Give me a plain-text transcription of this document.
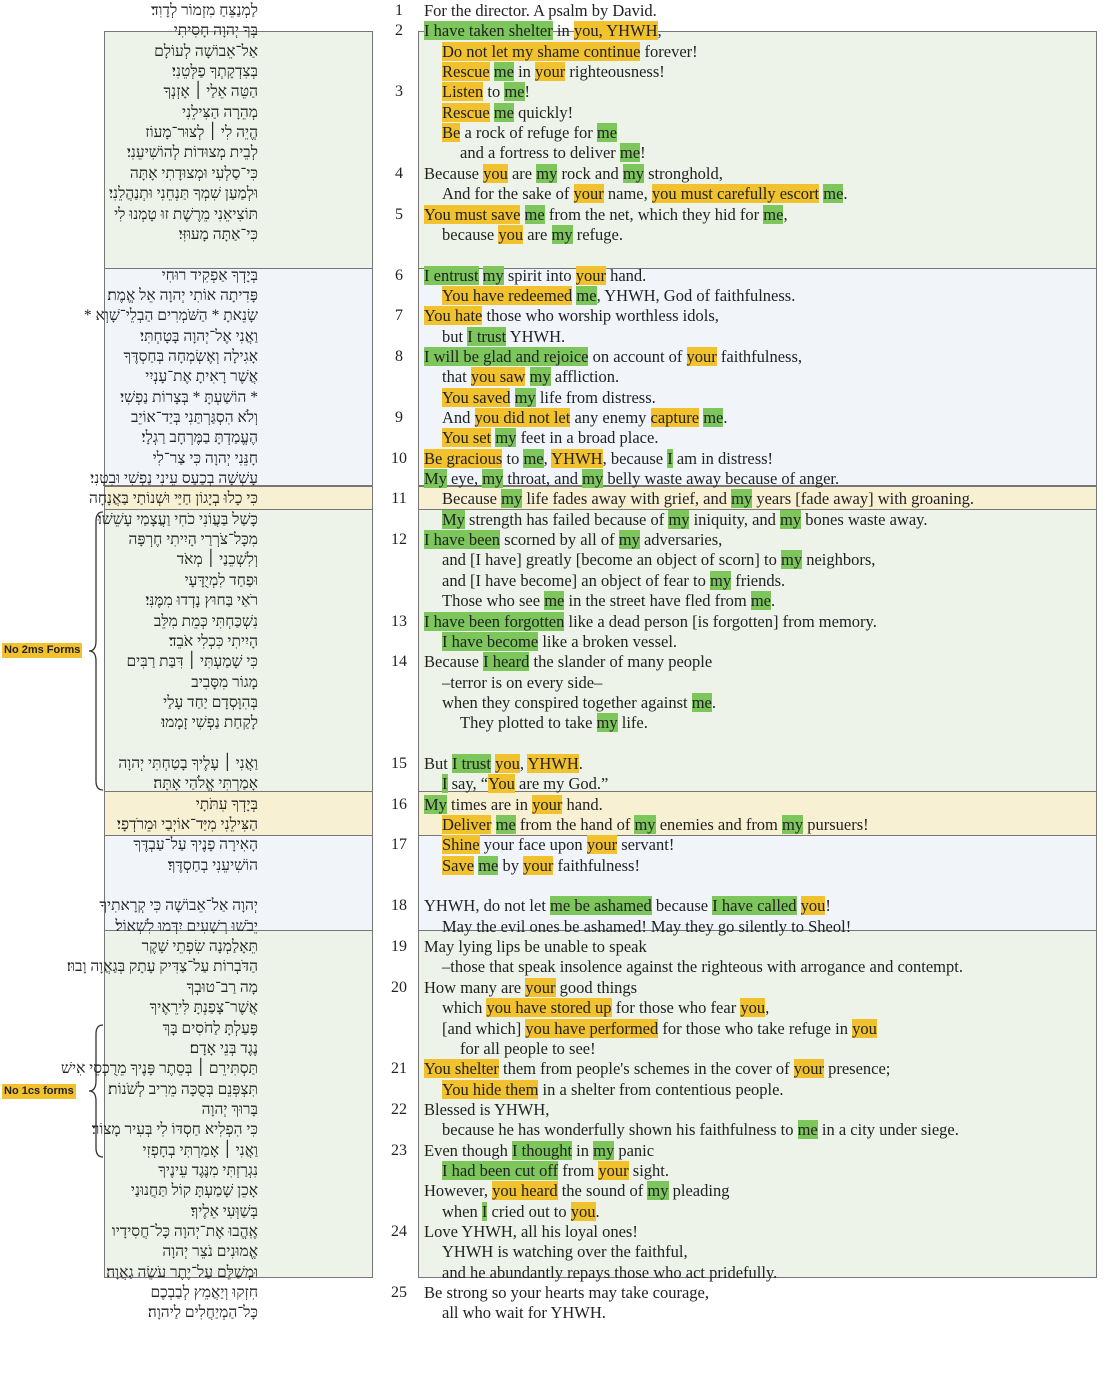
No 2ms Forms
No 1cs forms
לַמְנַצֵּחַ מִזְמוֹר לְדָוִד׃	1	For the director. A psalm by David.
בְּךָ יְהוָה חָסִיתִי	2	I have taken shelter in you, YHWH,
אַל־אֵבוֹשָׁה לְעוֹלָם	Do not let my shame continue forever!
בְּצִדְקָתְךָ פַלְּטֵנִי׃	Rescue me in your righteousness!
הַטֵּה אֵלַי ׀ אָזְנְךָ	3	Listen to me!
מְהֵרָה הַצִּילֵנִי	Rescue me quickly!
הֱיֵה לִי ׀ לְצוּר־מָעוֹז	Be a rock of refuge for me
לְבֵית מְצוּדוֹת לְהוֹשִׁיעֵנִי׃	and a fortress to deliver me!
כִּי־סַלְעִי וּמְצוּדָתִי אָתָּה	4	Because you are my rock and my stronghold,
וּלְמַעַן שִׁמְךָ תַּנְחֵנִי וּתְנַהֲלֵנִי׃	And for the sake of your name, you must carefully escort me.
תּוֹצִיאֵנִי מֵרֶשֶׁת זוּ טָמְנוּ לִי	5	You must save me from the net, which they hid for me,
כִּי־אַתָּה מָעוּזִּי׃	because you are my refuge.
בְּיָדְךָ אַפְקִיד רוּחִי	6	I entrust my spirit into your hand.
פָּדִיתָה אוֹתִי יְהוָה אֵל אֱמֶת׃	You have redeemed me, YHWH, God of faithfulness.
שָׂנֵאתָ * הַשֹּׁמְרִים הַבְלֵי־שָׁוְא *	7	You hate those who worship worthless idols,
וַאֲנִי אֶל־יְהוָה בָּטָחְתִּי׃	but I trust YHWH.
אָגִילָה וְאֶשְׂמְחָה בְּחַסְדֶּךָ	8	I will be glad and rejoice on account of your faithfulness,
אֲשֶׁר רָאִיתָ אֶת־עָנְיִי	that you saw my affliction.
* הוֹשַׁעְתָּ * בְּצָרוֹת נַפְשִׁי׃	You saved my life from distress.
וְלֹא הִסְגַּרְתַּנִי בְּיַד־אוֹיֵב	9	And you did not let any enemy capture me.
הֶעֱמַדְתָּ בַמֶּרְחָב רַגְלָי׃	You set my feet in a broad place.
חָנֵּנִי יְהוָה כִּי צַר־לִי	10	Be gracious to me, YHWH, because I am in distress!
עָשְׁשָׁה בְכַעַס עֵינִי נַפְשִׁי וּבִטְנִי׃	My eye, my throat, and my belly waste away because of anger.
כִּי כָלוּ בְיָגוֹן חַיַּי וּשְׁנוֹתַי בַּאֲנָחָה	11	Because my life fades away with grief, and my years [fade away] with groaning.
כָּשַׁל בַּעֲוֹנִי כֹחִי וַעֲצָמַי עָשֵׁשׁוּ׃	My strength has failed because of my iniquity, and my bones waste away.
מִכָּל־צֹרְרַי הָיִיתִי חֶרְפָּה	12	I have been scorned by all of my adversaries,
וְלִשְׁכֵנַי ׀ מְאֹד	and [I have] greatly [become an object of scorn] to my neighbors,
וּפַחַד לִמְיֻדָּעָי	and [I have become] an object of fear to my friends.
רֹאַי בַּחוּץ נָדְדוּ מִמֶּנִּי׃	Those who see me in the street have fled from me.
נִשְׁכַּחְתִּי כְּמֵת מִלֵּב	13	I have been forgotten like a dead person [is forgotten] from memory.
הָיִיתִי כִּכְלִי אֹבֵד׃	I have become like a broken vessel.
כִּי שָׁמַעְתִּי ׀ דִּבַּת רַבִּים	14	Because I heard the slander of many people
מָגוֹר מִסָּבִיב	–terror is on every side–
בְּהִוָּסְדָם יַחַד עָלַי	when they conspired together against me.
לָקַחַת נַפְשִׁי זָמָמוּ׃	They plotted to take my life.
וַאֲנִי ׀ עָלֶיךָ בָטַחְתִּי יְהוָה	15	But I trust you, YHWH.
אָמַרְתִּי אֱלֹהַי אָתָּה׃	I say, “You are my God.”
בְּיָדְךָ עִתֹּתָי	16	My times are in your hand.
הַצִּילֵנִי מִיַּד־אוֹיְבַי וּמֵרֹדְפָי׃	Deliver me from the hand of my enemies and from my pursuers!
הָאִירָה פָנֶיךָ עַל־עַבְדֶּךָ	17	Shine your face upon your servant!
הוֹשִׁיעֵנִי בְחַסְדֶּךָ׃	Save me by your faithfulness!
יְהוָה אַל־אֵבוֹשָׁה כִּי קְרָאתִיךָ	18	YHWH, do not let me be ashamed because I have called you!
יֵבֹשׁוּ רְשָׁעִים יִדְּמוּ לִשְׁאוֹל׃	May the evil ones be ashamed! May they go silently to Sheol!
תֵּאָלַמְנָה שִׂפְתֵי שָׁקֶר	19	May lying lips be unable to speak
הַדֹּבְרוֹת עַל־צַדִּיק עָתָק בְּגַאֲוָה וָבוּז׃	–those that speak insolence against the righteous with arrogance and contempt.
מָה רַב־טוּבְךָ	20	How many are your good things
אֲשֶׁר־צָפַנְתָּ לִּירֵאֶיךָ	which you have stored up for those who fear you,
פָּעַלְתָּ לַחֹסִים בָּךְ	[and which] you have performed for those who take refuge in you
נֶגֶד בְּנֵי אָדָם׃	for all people to see!
תַּסְתִּירֵם ׀ בְּסֵתֶר פָּנֶיךָ מֵרֻכְסֵי אִישׁ	21	You shelter them from people's schemes in the cover of your presence;
תִּצְפְּנֵם בְּסֻכָּה מֵרִיב לְשֹׁנוֹת׃	You hide them in a shelter from contentious people.
בָּרוּךְ יְהוָה	22	Blessed is YHWH,
כִּי הִפְלִיא חַסְדּוֹ לִי בְּעִיר מָצוֹר׃	because he has wonderfully shown his faithfulness to me in a city under siege.
וַאֲנִי ׀ אָמַרְתִּי בְחָפְזִי	23	Even though I thought in my panic
נִגְרַזְתִּי מִנֶּגֶד עֵינֶיךָ	I had been cut off from your sight.
אָכֵן שָׁמַעְתָּ קוֹל תַּחֲנוּנַי	However, you heard the sound of my pleading
בְּשַׁוְּעִי אֵלֶיךָ׃	when I cried out to you.
אֶֽהֱבוּ אֶת־יְהוָה כָּל־חֲסִידָיו	24	Love YHWH, all his loyal ones!
אֱמוּנִים נֹצֵר יְהוָה	YHWH is watching over the faithful,
וּמְשַׁלֵּם עַל־יֶתֶר עֹשֵׂה גַאֲוָה׃	and he abundantly repays those who act pridefully.
חִזְקוּ וְיַאֲמֵץ לְבַבְכֶם	25	Be strong so your hearts may take courage,
כָּל־הַמְיַחֲלִים לַיהוָה׃	all who wait for YHWH.
